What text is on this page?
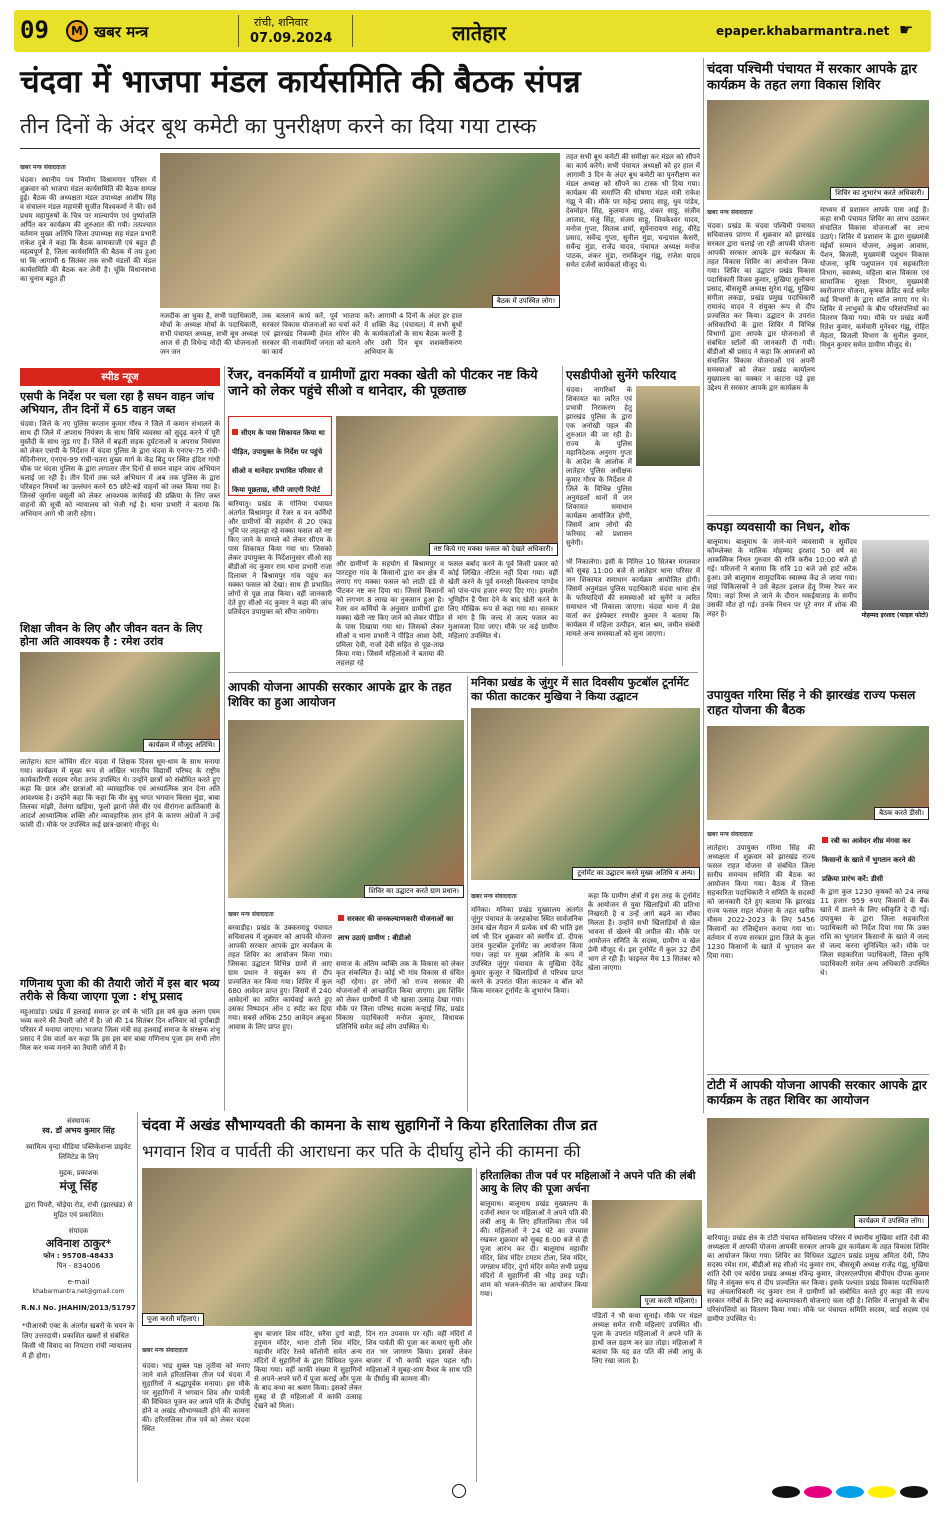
09	M खबर मन्त्र
रांची, शनिवार
07.09.2024	लातेहार	epaper.khabarmantra.net ☛
चंदवा में भाजपा मंडल कार्यसमिति की बैठक संपन्न
तीन दिनों के अंदर बूथ कमेटी का पुनरीक्षण करने का दिया गया टास्क
खबर मन्त्र संवाददाता
चंदवा। स्थानीय पथ निर्माण विश्रामगार परिसर में शुक्रवार को भाजपा मंडल कार्यसमिति की बैठक सम्पन्न हुई। बैठक की अध्यक्षता मंडल उपाध्यक्ष आशीष सिंह व संचालन मंडल महामंत्री सुजीत विश्वकर्मा ने की। सर्व प्रथम महापुरुषों के चित्र पर माल्यार्पण एवं पुष्पांजलि अर्पित कर कार्यक्रम की शुरुआत की गयी। तत्पश्चात वर्तमान मुख्य अतिथि जिला उपाध्यक्ष सह मंडल प्रभारी राकेश दुबे ने कहा कि बैठक कामकाजी एवं बहुत ही महत्वपूर्ण है, जिला कार्यसमिति की बैठक में तय हुआ था कि आगामी 6 सितंबर तक सभी मंडलों की मंडल कार्यसमिति की बैठक कर लेनी है। चूंकि विधानसभा का चुनाव बहुत ही
बैठक में उपस्थित लोग।
नजदीक आ चुका है, सभी पदाधिकारी, मोर्चा के अध्यक्ष मोर्चा के पदाधिकारी, सभी पंचायत अध्यक्ष, सभी बूथ अध्यक्ष आज से ही विधेन्द्र मोदी की योजनाओं जन जन
तक बतलाने कार्य करें, पूर्व भाजपा सरकार विकास योजनाओं का चर्चा करें एवं झारखंड निकम्मी हेमंत सोरेन की सरकार की नाकामियाँ जनता को बताने का कार्य
करें। आगामी 4 दिनों के अंदर हर हाल में शक्ति केंद्र (पंचायत) में सभी बूथों के कार्यकर्ताओं के साथ बैठक करनी है और उसी दिन बूथ शशक्तीकरण अभियान के
तहत सभी बूथ कमेटी की समीक्षा कर मंडल को सौंपने का कार्य करेंगे। सभी पंचायत अध्यक्षों को हर हाल में आगामी 3 दिन के अंदर बूथ कमेटी का पुनरीक्षण कर मंडल अध्यक्ष को सौंपने का टास्क भी दिया गया। कार्यक्रम की समाप्ति की घोषणा मंडल मंत्री राकेश गंझू ने की। मौके पर महेन्द्र प्रसाद साहू, धुव पांडेय, देवमोहन सिंह, कुलमान साहू, शंकर साहू, संजीव आजाद, मंजु सिंह, संजय साहू, शिवकेश्वर यादव, मनोज गुप्ता, सिताब शर्मा, सूर्यनारायण साहू, वीरेंद्र प्रसाद, सर्वेन्द्र गुप्ता, सुनील मुंडा, चन्द्रपाल केसरी, सर्वेन्द्र मुंडा, राजेंद्र यादव, पंचायत अध्यक्ष मनोज पाठक, शंकर मुंडा, रामकिशुन गंझू, राजेश यादव समेत दर्जनों कार्यकर्ता मौजूद थे।
चंदवा पश्चिमी पंचायत में सरकार आपके द्वार कार्यक्रम के तहत लगा विकास शिविर
शिविर का शुभारंभ करते अधिकारी।
खबर मन्त्र संवाददाता
चंदवा। प्रखंड के चंदवा पश्चिमी पंचायत सचिवालय प्रांगण में शुक्रवार को झारखंड सरकार द्वारा चलाई जा रही आपकी योजना आपकी सरकार आपके द्वार कार्यक्रम के तहत विकास शिविर का आयोजन किया गया। शिविर का उद्घाटन प्रखंड विकास पदाधिकारी विजय कुमार, मुखिया सुलोचना प्रसाद, बीससूत्री अध्यक्ष सुरेश गंझू, मुखिया संगीता लकड़ा, प्रखंड प्रमुख पदाधिकारी रामानंद यादव ने संयुक्त रूप से दीप प्रज्वलित कर किया। उद्घाटन के उपरांत अधिकारियों के द्वारा शिविर में विभिन्न विभागों द्वारा आपके द्वार योजनाओं से संबंधित स्टॉलों की जानकारी दी गयी। बीडीओ श्री प्रसाद ने कहा कि आमजनों को संचालित विकास योजनाओं एवं अपनी समस्याओं को लेकर प्रखंड कार्यालय मुख्यालय का चक्कर न काटना पड़े इस उद्देश्य से सरकार आपके द्वार कार्यक्रम के
माध्यम से प्रशासन आपके पास आई है। कहा सभी पंचायत शिविर का लाभ उठाकर संचालित विकास योजनाओं का लाभ उठाएं। शिविर में प्रशासन के द्वारा मुख्यमंत्री मंईयाँ सम्मान योजना, अबुआ आवास, पेंशन, बिजली, मुख्यमंत्री पशुधन विकास योजना, कृषि पशुपालन एवं सहकारिता विभाग, स्वास्थ्य, महिला बाल विकास एवं सामाजिक सुरक्षा विभाग, मुख्यमंत्री स्वरोजगार योजना, कृषक क्रेडिट कार्ड समेत कई विभागों के द्वारा स्टॉल लगाए गए थे। शिविर में लाभुकों के बीच परिसंपत्तियों का वितरण किया गया। मौके पर प्रखंड कर्मी रितेश कुमार, कर्मचारी मुनेश्वर गंझू, रोहित मेहता, बिजली विभाग के सुनील कुमार, मिथुन कुमार समेत ग्रामीण मौजूद थे।
स्पीड न्यूज
एसपी के निर्देश पर चला रहा है सघन वाहन जांच अभियान, तीन दिनों में 65 वाहन जब्त
चंदवा। जिले के नए पुलिस कप्तान कुमार गौरव ने जिले में कमान संभालने के साथ ही जिले में अपराध नियंत्रण के साथ विधि व्यवस्था को सुदृढ़ करने में पूरी मुस्तैदी के साथ जुड़ गए हैं। जिले में बढ़ती सड़क दुर्घटनाओं व अपराध नियंत्रण को लेकर एसपी के निर्देशन में चंदवा पुलिस के द्वारा चंदवा के एनएच-75 रांची-मेदिनीनगर, एनएच-99 रांची-चतरा मुख्य मार्ग के केंद्र बिंदु पर स्थित इंदिरा गांधी चौक पर चंदवा पुलिस के द्वारा लगातार तीन दिनों से सघन वाहन जांच अभियान चलाई जा रही है। तीन दिनों तक चले अभियान में अब तक पुलिस के द्वारा परिवहन नियमों का उल्लंघन करने 65 छोटे-बड़े वाहनों को जब्त किया गया है। जिनसे जुर्माना वसूली को लेकर आवश्यक कार्रवाई की प्रक्रिया के लिए जब्त वाहनों की सूची को न्यायालय को भेजी गई है। थाना प्रभारी ने बताया कि अभियान आगे भी जारी रहेगा।
शिक्षा जीवन के लिए और जीवन वतन के लिए होना अति आवश्यक है : रमेश उरांव
कार्यक्रम में मौजूद अतिथि।
लातेहार। स्टार कोचिंग सेंटर चंदवा में शिक्षक दिवस धूम-धाम के साथ मनाया गया। कार्यक्रम में मुख्य रूप से अखिल भारतीय विद्यार्थी परिषद के राष्ट्रीय कार्यकारिणी सदस्य रमेश उरांव उपस्थित थे। उन्होंने छात्रों को संबोधित करते हुए कहा कि छात्र और छात्राओं को व्यावहारिक एवं आध्यात्मिक ज्ञान देना अति आवश्यक है। उन्होंने कहा कि कहा कि वीर बुधु भगत भगवान बिरसा मुंडा, बाबा तिलका मांझी, तेलंगा खड़िया, फूलो झानो जैसे वीर एवं वीरांगना क्रांतिकारी के आदर्श आध्यात्मिक शक्ति और व्यावहारिक ज्ञान होने के कारण अंग्रेजों ने उन्हें फांसी दी। मौके पर उपस्थित कई छात्र-छात्राएं मौजूद थे।
गणिनाथ पूजा की की तैयारी जोरों में इस बार भव्य तरीके से किया जाएगा पूजा : शंभू प्रसाद
महुआडांड़। प्रखंड में हलवाई समाज हर वर्ष के भांति इस वर्ष कुछ अलग एवम भव्य करने की तैयारी जोरों में है। जो की 14 सितंबर दिन शनिवार को दुर्गाबाड़ी परिसर में मनाया जाएगा। भाजपा जिला मंत्री सह हलवाई समाज के संरक्षक शंभू प्रसाद ने प्रेस वार्ता कर कहा कि इस इस बार बाबा गणिनाथ पूजा हम सभी लोग मिल कर भव्य मनाने का तैयारी जोरों में है।
रेंजर, वनकर्मियों व ग्रामीणों द्वारा मक्का खेती को पीटकर नष्ट किये जाने को लेकर पहुंचे सीओ व थानेदार, की पूछताछ
सीएम के पास शिकायत किया था पीड़ित, उपायुक्त के निर्देश पर पहुंचे सीओ व थानेदार प्रभावित परिवार से किया पूछताछ, सौंपी जाएगी रिपोर्ट
नष्ट किये गए मक्का फसल को देखते अधिकारी।
बारियातू। प्रखंड के गोनिया पंचायत अंतर्गत बिश्रामपुर में रेंजर व वन कर्मियों और ग्रामीणों की सहयोग से 20 एकड़ भूमि पर लहलहा रहे मक्का फसल को नष्ट किए जाने के मामले को लेकर सीएम के पास शिकायत किया गया था। जिसको लेकर उपायुक्त के निर्देशानुसार सीओ सह बीडीओ नंद कुमार राम थाना प्रभारी राजा दिलावर ने बिश्रामपुर गांव पहुंच कर मक्का फसल को देखा। साथ ही प्रभावित लोगों से पूछ ताछ किया। वहीं जानकारी देते हुए सीओ नंद कुमार ने कहा की जांच प्रतिवेदन उपायुक्त को सौंपा जायेगा।
और ग्रामीणों के सहयोग से बिश्रामपुर व पारटहुरा गांव के किसानों द्वारा वन क्षेत्र में लगाए गए मक्का फसल को लाठी डंडे से पीटकर नष्ट कर दिया था। जिससे किसानों को लगभग 8 लाख का नुकसान हुआ है। रेंजर वन कर्मियों के अनुसार ग्रामीणों द्वारा मक्का खेती नष्ट किए जाने को लेकर पीड़ित के पास दिखाया गया था। जिसको लेकर सीओ व थाना प्रभारी ने पीड़ित आशा देवी, प्रमिला देवी, राजो देवी सहित से पूछ-ताछ किया गया। जिसमें महिलाओं ने बताया की लहलहा रहे
फसल बर्बाद करने के पूर्व किसी प्रकार को कोई लिखित नोटिस नहीं दिया गया। वहीं खेती करने के पूर्व वनरक्षी विश्वनाथ पाण्डेय को पांच-पांच हजार रुपए दिए गए। हमलोग भूमिहीन हैं पैसा देने के बाद खेती करने के लिए मौखिक रूप से कहा गया था। सरकार से मांग है कि जल्द से जल्द फसल का मुआवजा दिया जाए। मौके पर कई ग्रामीण महिलाएं उपस्थित थे।
एसडीपीओ सुनेंगे फरियाद
चंदवा। नागरिकों के शिकायत का त्वरित एवं प्रभावी निराकरण हेतु झारखंड पुलिस के द्वारा एक अनोखी पहल की शुरुआत की जा रही है। राज्य के पुलिस महानिदेशक अनुराग गुप्ता के आदेश के आलोक में लातेहार पुलिस अधीक्षक कुमार गौरव के निर्देशन में जिले के विभिन्न पुलिस अनुमंडलों थानों में जन शिकायत समाधान कार्यक्रम आयोजित होगी, जिसमें आम लोगों की फरियाद को प्रशासन सुनेगी।
भी निकालेगा। इसी के निमित्त 10 सितंबर मंगलवार को सुबह 11:00 बजे से लातेहार थाना परिसर में जन शिकायत समाधान कार्यक्रम आयोजित होगी। जिसमें अनुमंडल पुलिस पदाधिकारी चंदवा थाना क्षेत्र के फरियादियों की समस्याओं को सुनेंगे व त्वरित समाधान भी निकाला जाएगा। चंदवा थाना में प्रेस वार्ता कर इंस्पेक्टर रणधीर कुमार ने बताया कि कार्यक्रम में महिला उत्पीड़न, बाल श्रम, जमीन संबंधी मामले अन्य समस्याओं को सुना जाएगा।
कपड़ा व्यवसायी का निधन, शोक
बालूमाथ। बालूमाथ के जाने-माने व्यवसायी व सूर्योदय कॉम्प्लेक्स के मालिक मोहम्मद इरशाद 50 वर्ष का आकस्मिक निधन गुरुवार की रात्रि करीब 10:00 बजे हो गई। परिजनों ने बताया कि रात्रि 10 बजे उसे हार्ट अटैक हुआ। उसे बालूमाथ सामुदायिक स्वास्थ्य केंद्र ले जाया गया। जहां चिकित्सकों ने उसे बेहतर इलाज हेतु रिम्स रेफर कर दिया। जहां रिम्स ले जाने के दौरान मकईयाताड़ के समीप उसकी मौत हो गई। उनके निधन पर पूरे नगर में शोक की लहर है।	मोहम्मद इरशाद (फाइल फोटो)
उपायुक्त गरिमा सिंह ने की झारखंड राज्य फसल राहत योजना की बैठक
बैठक करते डीसी।
खबर मन्त्र संवाददाता
रबी का आवेदन शीघ्र मंगवा कर किसानों के खाते में भुगतान करने की प्रक्रिया प्रारंभ करें: डीसी
लातेहार। उपायुक्त गरिमा सिंह की अध्यक्षता में शुक्रवार को झारखंड राज्य फसल राहत योजना से संबंधित जिला स्तरीय समन्वय समिति की बैठक का आयोजन किया गया। बैठक में जिला सहकारिता पदाधिकारी ने समिति के सदस्यों को जानकारी देते हुए बताया कि झारखंड राज्य फसल राहत योजना के तहत खरीफ मौसम 2022-2023 के लिए 5456 किसानों का रजिस्ट्रेशन कराया गया था। वर्तमान में राज्य सरकार द्वारा जिले के कुल 1230 किसानों के खाते में भुगतान कर दिया गया।
के द्वारा कुल 1230 कृषकों को 24 लाख 11 हजार 959 रुपए किसानों के बैंक खाते में डालने के लिए स्वीकृति दे दी गई। उपायुक्त के द्वारा जिला सहकारिता पदाधिकारी को निर्देश दिया गया कि उक्त राशि का भुगतान किसानों के खाते में जल्द से जल्द करना सुनिश्चित करें। मौके पर जिला सहकारिता पदाधिकारी, जिला कृषि पदाधिकारी समेत अन्य अधिकारी उपस्थित थे।
आपकी योजना आपकी सरकार आपके द्वार के तहत शिविर का हुआ आयोजन
शिविर का उद्घाटन करते ग्राम प्रधान।
खबर मन्त्र संवाददाता
सरकार की जनकल्याणकारी योजनाओं का लाभ उठाएं ग्रामीण : बीडीओ
बरवाडीह। प्रखंड के उक्करमाडू पंचायत सचिवालय में शुक्रवार को आपकी योजना आपकी सरकार आपके द्वार कार्यक्रम के तहत शिविर का आयोजन किया गया। जिसका उद्घाटन विभिन्न ग्रामों से आए ग्राम प्रधान ने संयुक्त रूप से दीप प्रज्वलित कर किया गया। शिविर में कुल 680 आवेदन प्राप्त हुए। जिसमें से 240 आवेदनों का त्वरित कार्यवाई करते हुए उसका निष्पादन ऑन द स्पॉट कर दिया गया। सबसे अधिक 250 आवेदन अबुआ आवास के लिए प्राप्त हुए।
समाज के अंतिम व्यक्ति तक के विकास को लेकर कृत संकल्पित हैं। कोई भी गांव विकास से वंचित नहीं रहेगा। हर लोगों को राज्य सरकार की योजनाओं से आच्छादित किया जाएगा। इस शिविर को लेकर ग्रामीणों में भी खासा उत्साह देखा गया। मौके पर जिला परिषद सदस्य कन्हाई सिंह, प्रखंड विकास पदाधिकारी मनोज कुमार, विधायक प्रतिनिधि समेत कई लोग उपस्थित थे।
मनिका प्रखंड के जुंगुर में सात दिवसीय फुटबॉल टूर्नामेंट का फीता काटकर मुखिया ने किया उद्घाटन
टूर्नामेंट का उद्घाटन करते मुख्य अतिथि व अन्य।
खबर मन्त्र संवाददाता
मनिका। मनिका प्रखंड मुख्यालय अंतर्गत जुंगुर पंचायत के जरहकोचा स्थित सार्वजनिक उरांव खेल मैदान में प्रत्येक वर्ष की भांति इस वर्ष भी दिन शुक्रवार को स्वर्गीय डॉ. दीपक उरांव फुटबॉल टूर्नामेंट का आयोजन किया गया। जहां पर मुख्य अतिथि के रूप में उपस्थित जुंगुर पंचायत के मुखिया देवेंद्र कुमार कुजूर ने खिलाड़ियों से परिचय प्राप्त करने के उपरांत फीता काटकर व बॉल को किक मारकर टूर्नामेंट के शुभारंभ किया।
कहा कि ग्रामीण क्षेत्रों में इस तरह के टूर्नामेंट के आयोजन से युवा खिलाड़ियों की प्रतिभा निखरती है व उन्हें आगे बढ़ने का मौका मिलता है। उन्होंने सभी खिलाड़ियों से खेल भावना से खेलने की अपील की। मौके पर आयोजन समिति के सदस्य, ग्रामीण व खेल प्रेमी मौजूद थे। इस टूर्नामेंट में कुल 32 टीमें भाग ले रही हैं। फाइनल मैच 13 सितंबर को खेला जाएगा।
टोटी में आपकी योजना आपकी सरकार आपके द्वार कार्यक्रम के तहत शिविर का आयोजन
कार्यक्रम में उपस्थित लोग।
बारियातू। प्रखंड क्षेत्र के टोटी पंचायत सचिवालय परिसर में स्थानीय मुखिया शांति देवी की अध्यक्षता में आपकी योजना आपकी सरकार आपके द्वार कार्यक्रम के तहत विकास शिविर का आयोजन किया गया। शिविर का विधिवत उद्घाटन प्रखंड प्रमुख अमिता देवी, जिप सदस्य रमेश राम, बीडीओ सह सीओ नंद कुमार राम, बीससूत्री अध्यक्ष राजेंद्र गंझू, मुखिया शांति देवी एवं कांग्रेस प्रखंड अध्यक्ष रविन्द्र कुमार, जेएसएलपीएस बीपीएम दीपक कुमार सिंह ने संयुक्त रूप से दीप प्रज्वलित कर किया। इसके पश्चात प्रखंड विकास पदाधिकारी सह अंचलाधिकारी नंद कुमार राम ने ग्रामीणों को संबोधित करते हुए कहा की राज्य सरकार गरीबों के लिए कई कल्याणकारी योजनाएं चला रही है। शिविर में लाभुकों के बीच परिसंपत्तियों का वितरण किया गया। मौके पर पंचायत समिति सदस्य, वार्ड सदस्य एवं ग्रामीण उपस्थित थे।
संस्थापक
स्व. डॉ अभय कुमार सिंह
स्वामित्व वृन्दा मीडिया पब्लिकेशन्स प्राइवेट लिमिटेड के लिए
मुद्रक, प्रकाशक
मंजू सिंह
द्वारा पिपरौ, चोड़ेया रोड, रांची (झारखंड) से मुद्रित एवं प्रकाशित।
संपादक
अविनाश ठाकुर*
फोन : 95708-48433
पिन - 834006
e-mail
khabarmantra.net@gmail.com
R.N.I No. JHAHIN/2013/51797
*पीआरबी एक्ट के अंतर्गत खबरों के चयन के लिए उत्तरदायी। प्रकाशित खबरों से संबंधित किसी भी विवाद का निपटारा रांची न्यायालय में ही होगा।
चंदवा में अखंड सौभाग्यवती की कामना के साथ सुहागिनों ने किया हरितालिका तीज व्रत
भगवान शिव व पार्वती की आराधना कर पति के दीर्घायु होने की कामना की
पूजा करती महिलाएं।
खबर मन्त्र संवाददाता
चंदवा। भाद्र शुक्ल पक्ष तृतीया को मनाए जाने वाले हरितालिका तीज पर्व चंदवा में सुहागिनों ने श्रद्धापूर्वक मनाया। इस मौके पर सुहागिनों ने भगवान शिव और पार्वती की विधिवत पूजन कर अपने पति के दीर्घायु होने व अखंड सौभाग्यवती होने की कामना की। हरितालिका तीज पर्व को लेकर चंदवा स्थित
बुध बाजार शिव मंदिर, सरैया दुर्गा बाड़ी, हनुमान मंदिर, थाना टोली शिव मंदिर, महावीर मंदिर रेलवे कॉलोनी समेत अन्य मंदिरों में सुहागिनों के द्वारा विधिवत पूजन किया गया। वहीं काफी संख्या में सुहागिनों से अपने-अपने घरों में पूजा कराई और पूजा के बाद कथा का श्रवण किया। इसको लेकर सुबह से ही महिलाओं में काफी उत्साह देखने को मिला।
दिन रात उपवास पर रहीं। वहीं मंदिरों में शिव पार्वती की पूजा कर कथाएं सुनी और रात भर जागरण किया। इसको लेकर बाजार में भी काफी चहल पहल रही। महिलाओं ने सुबह-शाम वैभव के साथ पति के दीर्घायु की कामना की।
हरितालिका तीज पर्व पर महिलाओं ने अपने पति की लंबी आयु के लिए की पूजा अर्चना
बालूमाथ। बालूमाथ प्रखंड मुख्यालय के दर्जनों स्थान पर महिलाओं ने अपने पति की लंबी आयु के लिए हरितालिका तीज पर्व की। महिलाओं ने 24 घंटे का उपवास रखकर शुक्रवार को सुबह 6:00 बजे से ही पूजा आरंभ कर दी। बालूमाथ महावीर मंदिर, शिव मंदिर टमटम टोला, शिव मंदिर, जगन्नाथ मंदिर, दुर्गा मंदिर समेत सभी प्रमुख मंदिरों में सुहागिनों की भीड़ उमड़ पड़ी। शाम को भजन-कीर्तन का आयोजन किया गया।
पूजा करती महिलाएं।
पंडितों ने भी कथा सुनाई। मौके पर मंडल अध्यक्ष समेत सभी महिलाएं उपस्थित थीं। पूजा के उपरांत महिलाओं ने अपने पति के हाथों जल ग्रहण कर व्रत तोड़ा। महिलाओं ने बताया कि यह व्रत पति की लंबी आयु के लिए रखा जाता है।
